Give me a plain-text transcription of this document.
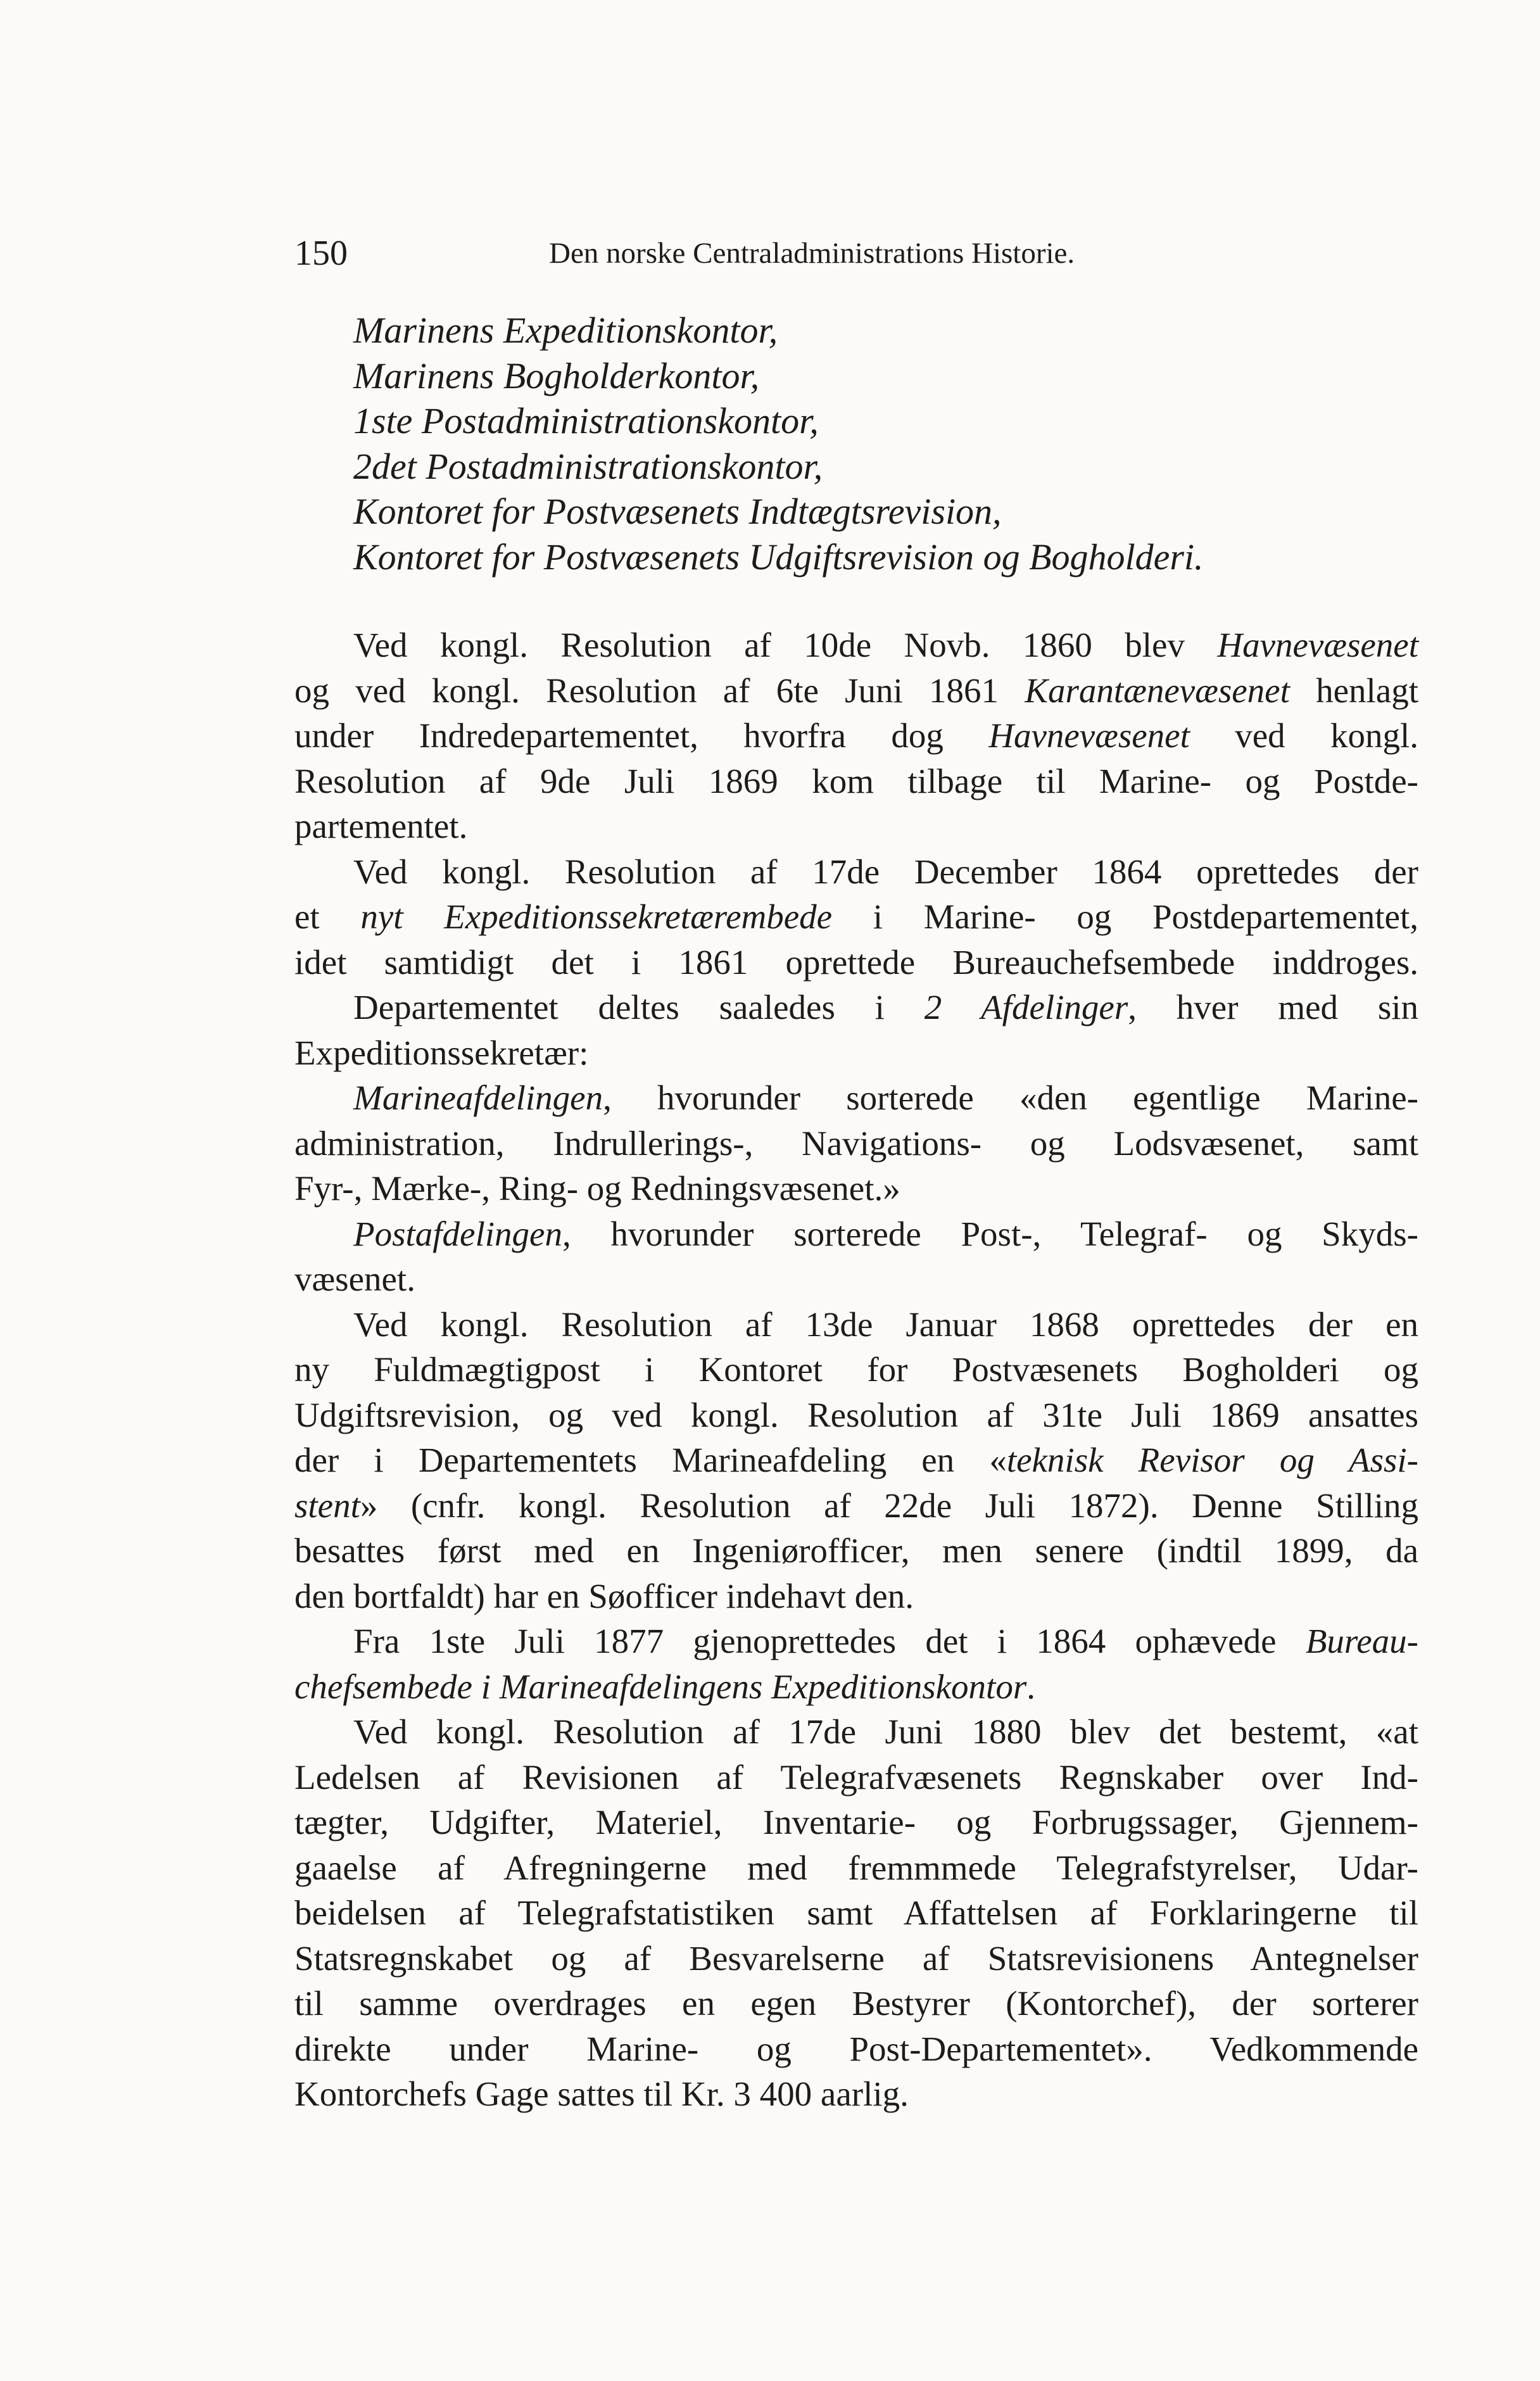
150	Den norske Centraladministrations Historie.
Marinens Expeditionskontor,
Marinens Bogholderkontor,
1ste Postadministrationskontor,
2det Postadministrationskontor,
Kontoret for Postvæsenets Indtægtsrevision,
Kontoret for Postvæsenets Udgiftsrevision og Bogholderi.
Ved kongl. Resolution af 10de Novb. 1860 blev Havnevæsenet
og ved kongl. Resolution af 6te Juni 1861 Karantænevæsenet henlagt
under Indredepartementet, hvorfra dog Havnevæsenet ved kongl.
Resolution af 9de Juli 1869 kom tilbage til Marine- og Postde-
partementet.
Ved kongl. Resolution af 17de December 1864 oprettedes der
et nyt Expeditionssekretærembede i Marine- og Postdepartementet,
idet samtidigt det i 1861 oprettede Bureauchefsembede inddroges.
Departementet deltes saaledes i 2 Afdelinger, hver med sin
Expeditionssekretær:
Marineafdelingen, hvorunder sorterede «den egentlige Marine-
administration, Indrullerings-, Navigations- og Lodsvæsenet, samt
Fyr-, Mærke-, Ring- og Redningsvæsenet.»
Postafdelingen, hvorunder sorterede Post-, Telegraf- og Skyds-
væsenet.
Ved kongl. Resolution af 13de Januar 1868 oprettedes der en
ny Fuldmægtigpost i Kontoret for Postvæsenets Bogholderi og
Udgiftsrevision, og ved kongl. Resolution af 31te Juli 1869 ansattes
der i Departementets Marineafdeling en «teknisk Revisor og Assi-
stent» (cnfr. kongl. Resolution af 22de Juli 1872). Denne Stilling
besattes først med en Ingeniørofficer, men senere (indtil 1899, da
den bortfaldt) har en Søofficer indehavt den.
Fra 1ste Juli 1877 gjenoprettedes det i 1864 ophævede Bureau-
chefsembede i Marineafdelingens Expeditionskontor.
Ved kongl. Resolution af 17de Juni 1880 blev det bestemt, «at
Ledelsen af Revisionen af Telegrafvæsenets Regnskaber over Ind-
tægter, Udgifter, Materiel, Inventarie- og Forbrugssager, Gjennem-
gaaelse af Afregningerne med fremmmede Telegrafstyrelser, Udar-
beidelsen af Telegrafstatistiken samt Affattelsen af Forklaringerne til
Statsregnskabet og af Besvarelserne af Statsrevisionens Antegnelser
til samme overdrages en egen Bestyrer (Kontorchef), der sorterer
direkte under Marine- og Post-Departementet». Vedkommende
Kontorchefs Gage sattes til Kr. 3 400 aarlig.
